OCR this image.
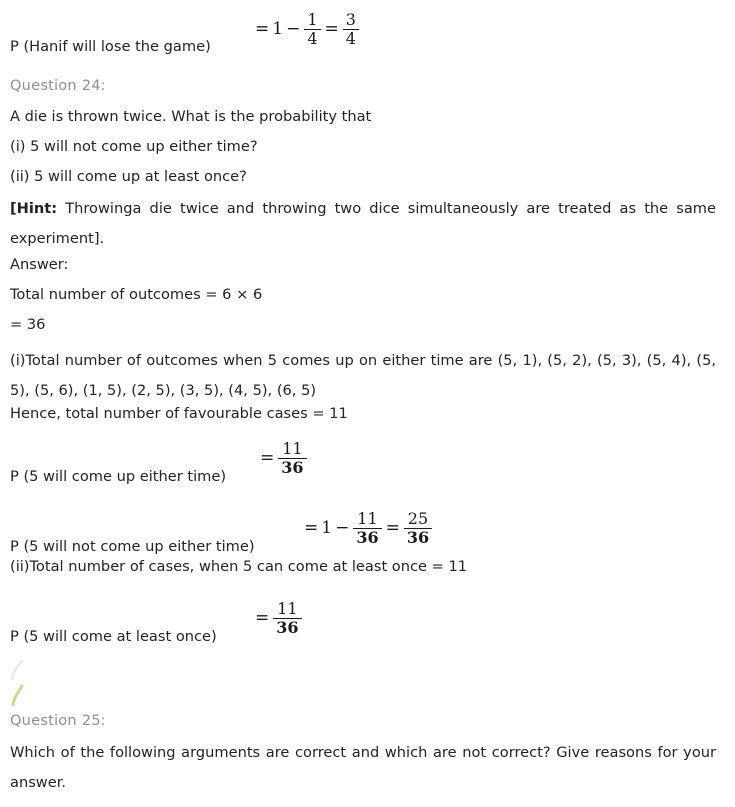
P (Hanif will lose the game)
= $1 - \frac{1}{4} = \frac{3}{4}$
Question 24:
A die is thrown twice. What is the probability that
(i) 5 will not come up either time?
(ii) 5 will come up at least once?
[Hint: Throwinga die twice and throwing two dice simultaneously are treated as the same experiment].
Answer:
Total number of outcomes = 6 × 6
= 36
(i)Total number of outcomes when 5 comes up on either time are (5, 1), (5, 2), (5, 3), (5, 4), (5, 5), (5, 6), (1, 5), (2, 5), (3, 5), (4, 5), (6, 5)
Hence, total number of favourable cases = 11
P (5 will come up either time)
= $\frac{11}{36}$
P (5 will not come up either time)
= $1 - \frac{11}{36} = \frac{25}{36}$
(ii)Total number of cases, when 5 can come at least once = 11
P (5 will come at least once)
= $\frac{11}{36}$
Question 25:
Which of the following arguments are correct and which are not correct? Give reasons for your answer.
